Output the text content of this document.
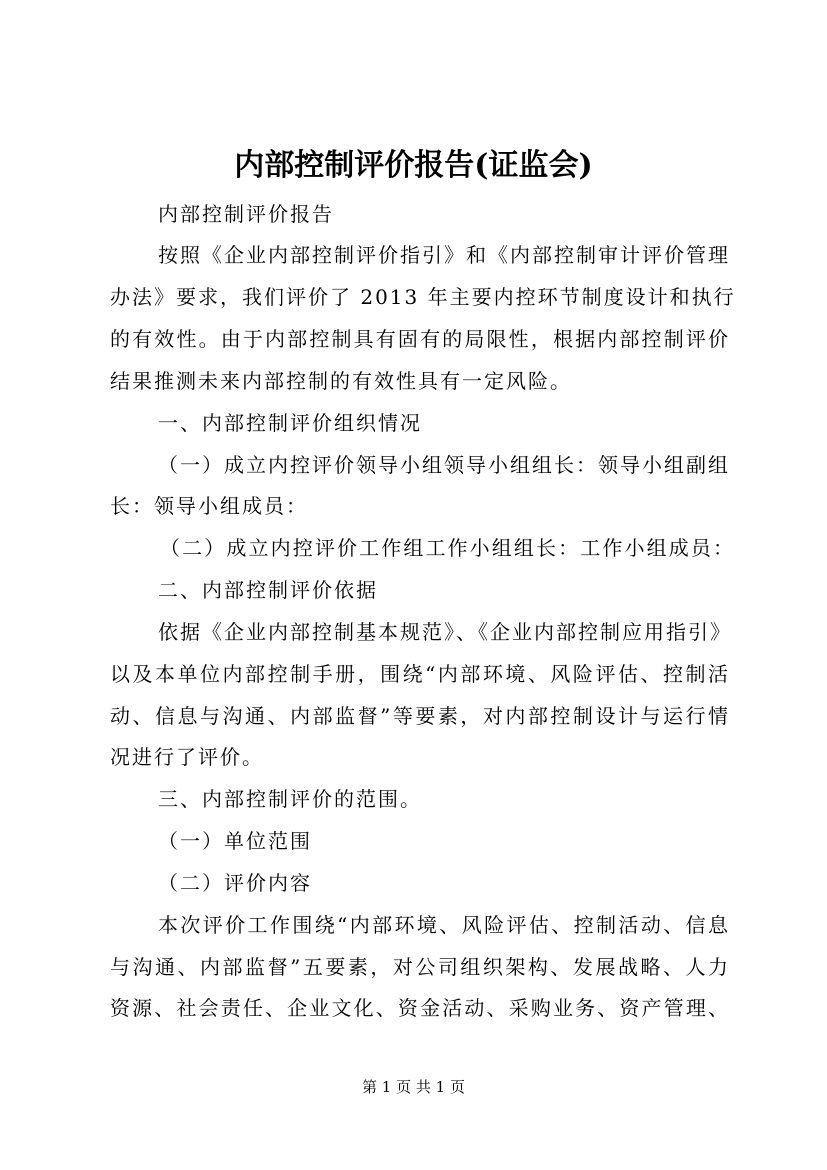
内部控制评价报告(证监会)
内部控制评价报告
按照《企业内部控制评价指引》和《内部控制审计评价管理
办法》要求，我们评价了 2013 年主要内控环节制度设计和执行
的有效性。由于内部控制具有固有的局限性，根据内部控制评价
结果推测未来内部控制的有效性具有一定风险。
一、内部控制评价组织情况
（一）成立内控评价领导小组领导小组组长：领导小组副组
长：领导小组成员：
（二）成立内控评价工作组工作小组组长：工作小组成员：
二、内部控制评价依据
依据《企业内部控制基本规范》、《企业内部控制应用指引》
以及本单位内部控制手册，围绕“内部环境、风险评估、控制活
动、信息与沟通、内部监督”等要素，对内部控制设计与运行情
况进行了评价。
三、内部控制评价的范围。
（一）单位范围
（二）评价内容
本次评价工作围绕“内部环境、风险评估、控制活动、信息
与沟通、内部监督”五要素，对公司组织架构、发展战略、人力
资源、社会责任、企业文化、资金活动、采购业务、资产管理、
第 1 页 共 1 页
